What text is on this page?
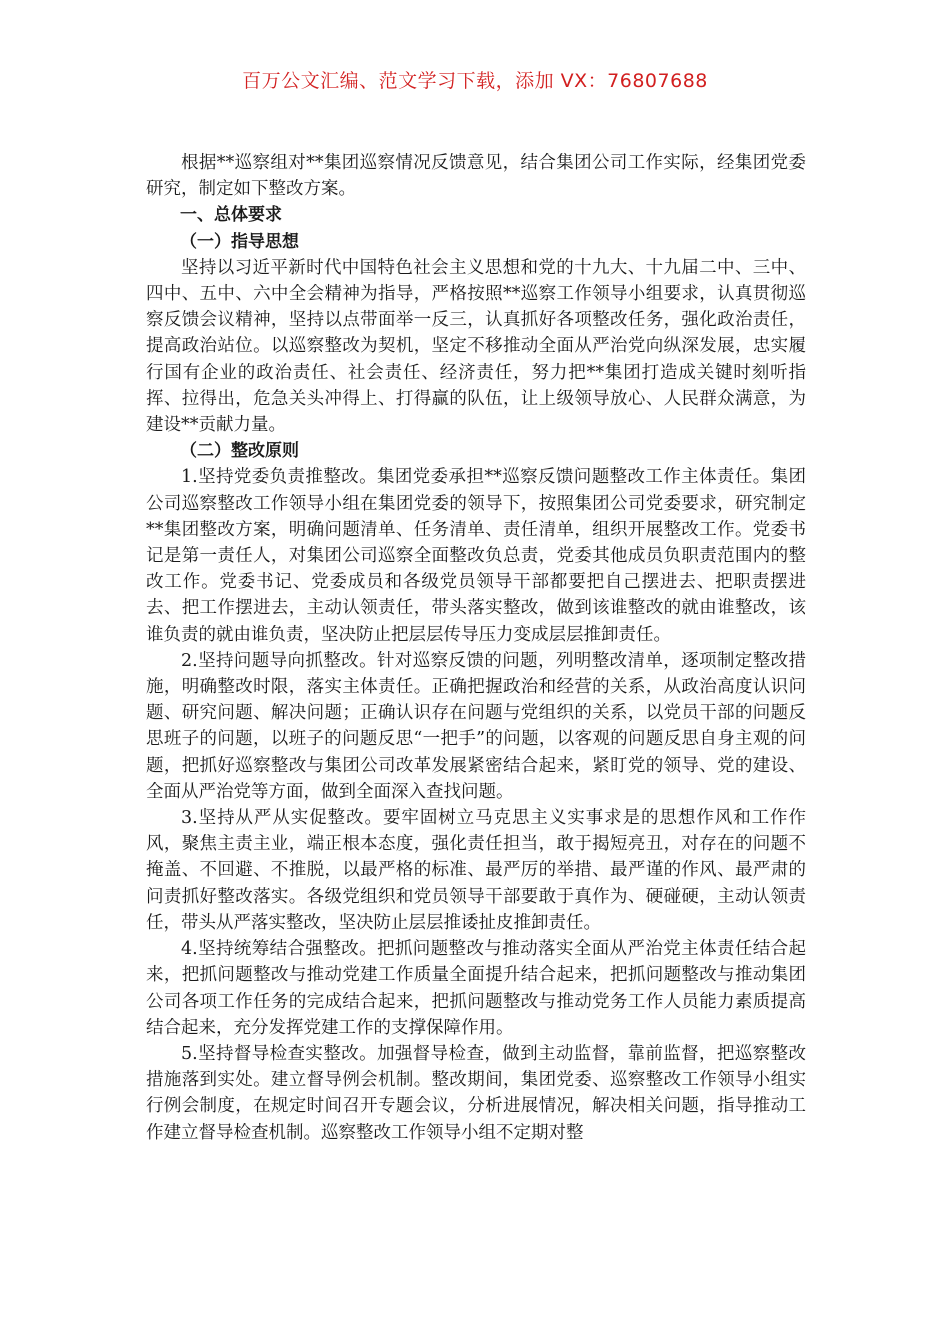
百万公文汇编、范文学习下载，添加 VX：76807688

根据**巡察组对**集团巡察情况反馈意见，结合集团公司工作实际，经集团党委研究，制定如下整改方案。

一、总体要求

（一）指导思想

坚持以习近平新时代中国特色社会主义思想和党的十九大、十九届二中、三中、四中、五中、六中全会精神为指导，严格按照**巡察工作领导小组要求，认真贯彻巡察反馈会议精神，坚持以点带面举一反三，认真抓好各项整改任务，强化政治责任，提高政治站位。以巡察整改为契机，坚定不移推动全面从严治党向纵深发展，忠实履行国有企业的政治责任、社会责任、经济责任，努力把**集团打造成关键时刻听指挥、拉得出，危急关头冲得上、打得赢的队伍，让上级领导放心、人民群众满意，为建设**贡献力量。

（二）整改原则

1.坚持党委负责推整改。集团党委承担**巡察反馈问题整改工作主体责任。集团公司巡察整改工作领导小组在集团党委的领导下，按照集团公司党委要求，研究制定**集团整改方案，明确问题清单、任务清单、责任清单，组织开展整改工作。党委书记是第一责任人，对集团公司巡察全面整改负总责，党委其他成员负职责范围内的整改工作。党委书记、党委成员和各级党员领导干部都要把自己摆进去、把职责摆进去、把工作摆进去，主动认领责任，带头落实整改，做到该谁整改的就由谁整改，该谁负责的就由谁负责，坚决防止把层层传导压力变成层层推卸责任。

2.坚持问题导向抓整改。针对巡察反馈的问题，列明整改清单，逐项制定整改措施，明确整改时限，落实主体责任。正确把握政治和经营的关系，从政治高度认识问题、研究问题、解决问题；正确认识存在问题与党组织的关系，以党员干部的问题反思班子的问题，以班子的问题反思“一把手”的问题，以客观的问题反思自身主观的问题，把抓好巡察整改与集团公司改革发展紧密结合起来，紧盯党的领导、党的建设、全面从严治党等方面，做到全面深入查找问题。

3.坚持从严从实促整改。要牢固树立马克思主义实事求是的思想作风和工作作风，聚焦主责主业，端正根本态度，强化责任担当，敢于揭短亮丑，对存在的问题不掩盖、不回避、不推脱，以最严格的标准、最严厉的举措、最严谨的作风、最严肃的问责抓好整改落实。各级党组织和党员领导干部要敢于真作为、硬碰硬，主动认领责任，带头从严落实整改，坚决防止层层推诿扯皮推卸责任。

4.坚持统筹结合强整改。把抓问题整改与推动落实全面从严治党主体责任结合起来，把抓问题整改与推动党建工作质量全面提升结合起来，把抓问题整改与推动集团公司各项工作任务的完成结合起来，把抓问题整改与推动党务工作人员能力素质提高结合起来，充分发挥党建工作的支撑保障作用。

5.坚持督导检查实整改。加强督导检查，做到主动监督，靠前监督，把巡察整改措施落到实处。建立督导例会机制。整改期间，集团党委、巡察整改工作领导小组实行例会制度，在规定时间召开专题会议，分析进展情况，解决相关问题，指导推动工作建立督导检查机制。巡察整改工作领导小组不定期对整
